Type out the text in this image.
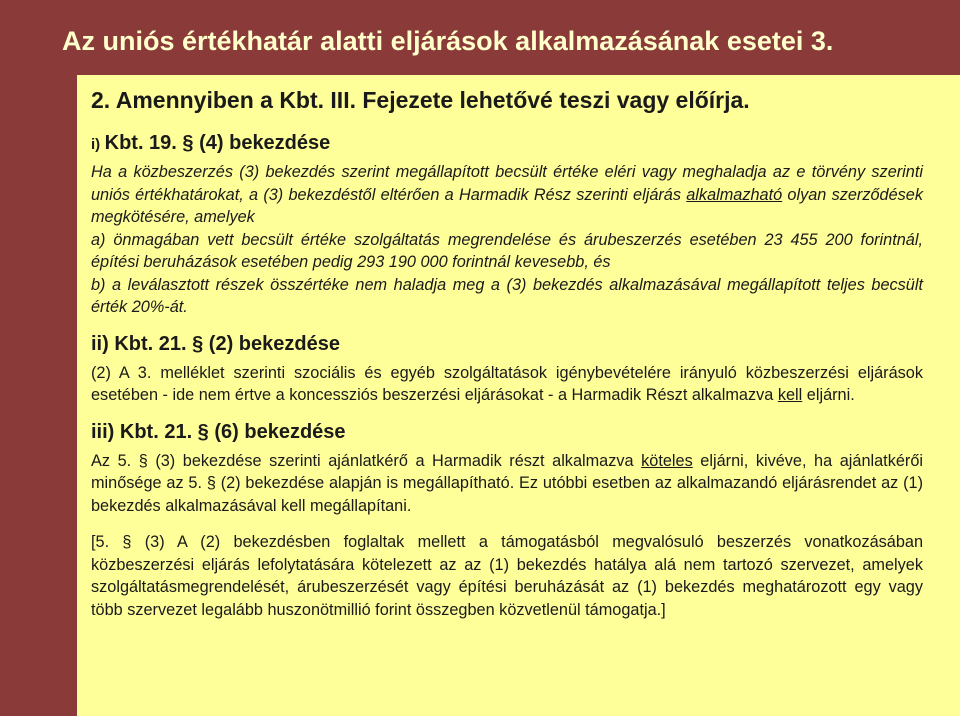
Az uniós értékhatár alatti eljárások alkalmazásának esetei 3.
2. Amennyiben a Kbt. III. Fejezete lehetővé teszi vagy előírja.
i) Kbt. 19. § (4) bekezdése

Ha a közbeszerzés (3) bekezdés szerint megállapított becsült értéke eléri vagy meghaladja az e törvény szerinti uniós értékhatárokat, a (3) bekezdéstől eltérően a Harmadik Rész szerinti eljárás alkalmazható olyan szerződések megkötésére, amelyek

a) önmagában vett becsült értéke szolgáltatás megrendelése és árubeszerzés esetében 23 455 200 forintnál, építési beruházások esetében pedig 293 190 000 forintnál kevesebb, és

b) a leválasztott részek összértéke nem haladja meg a (3) bekezdés alkalmazásával megállapított teljes becsült érték 20%-át.

ii) Kbt. 21. § (2) bekezdése

(2) A 3. melléklet szerinti szociális és egyéb szolgáltatások igénybevételére irányuló közbeszerzési eljárások esetében - ide nem értve a koncessziós beszerzési eljárásokat - a Harmadik Részt alkalmazva kell eljárni.

iii) Kbt. 21. § (6) bekezdése

Az 5. § (3) bekezdése szerinti ajánlatkérő a Harmadik részt alkalmazva köteles eljárni, kivéve, ha ajánlatkérői minősége az 5. § (2) bekezdése alapján is megállapítható. Ez utóbbi esetben az alkalmazandó eljárásrendet az (1) bekezdés alkalmazásával kell megállapítani.

[5. § (3) A (2) bekezdésben foglaltak mellett a támogatásból megvalósuló beszerzés vonatkozásában közbeszerzési eljárás lefolytatására kötelezett az az (1) bekezdés hatálya alá nem tartozó szervezet, amelyek szolgáltatásmegrendelését, árubeszerzését vagy építési beruházását az (1) bekezdés meghatározott egy vagy több szervezet legalább huszonötmillió forint összegben közvetlenül támogatja.]
